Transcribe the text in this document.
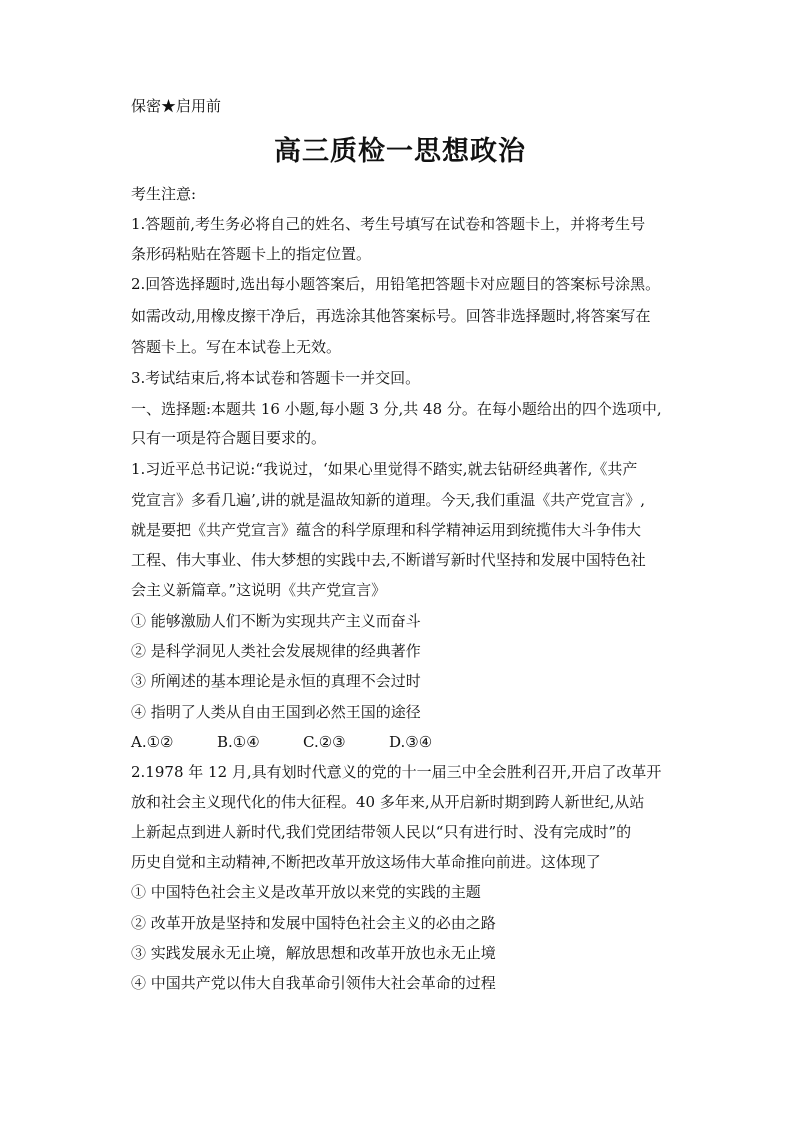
保密★启用前
高三质检一思想政治
考生注意:
1.答题前,考生务必将自己的姓名、考生号填写在试卷和答题卡上，并将考生号
条形码粘贴在答题卡上的指定位置。
2.回答选择题时,选出每小题答案后，用铅笔把答题卡对应题目的答案标号涂黑。
如需改动,用橡皮擦干净后，再选涂其他答案标号。回答非选择题时,将答案写在
答题卡上。写在本试卷上无效。
3.考试结束后,将本试卷和答题卡一并交回。
一、选择题:本题共 16 小题,每小题 3 分,共 48 分。在每小题给出的四个选项中,
只有一项是符合题目要求的。
1.习近平总书记说:“我说过，‘如果心里觉得不踏实,就去钻研经典著作,《共产
党宣言》多看几遍’,讲的就是温故知新的道理。今天,我们重温《共产党宣言》,
就是要把《共产党宣言》蕴含的科学原理和科学精神运用到统揽伟大斗争伟大
工程、伟大事业、伟大梦想的实践中去,不断谱写新时代坚持和发展中国特色社
会主义新篇章。”这说明《共产党宣言》
① 能够激励人们不断为实现共产主义而奋斗
② 是科学洞见人类社会发展规律的经典著作
③ 所阐述的基本理论是永恒的真理不会过时
④ 指明了人类从自由王国到必然王国的途径
A.①②	B.①④	C.②③	D.③④
2.1978 年 12 月,具有划时代意义的党的十一届三中全会胜利召开,开启了改革开
放和社会主义现代化的伟大征程。40 多年来,从开启新时期到跨人新世纪,从站
上新起点到进人新时代,我们党团结带领人民以“只有进行时、没有完成时”的
历史自觉和主动精神,不断把改革开放这场伟大革命推向前进。这体现了
① 中国特色社会主义是改革开放以来党的实践的主题
② 改革开放是坚持和发展中国特色社会主义的必由之路
③ 实践发展永无止境，解放思想和改革开放也永无止境
④ 中国共产党以伟大自我革命引领伟大社会革命的过程
